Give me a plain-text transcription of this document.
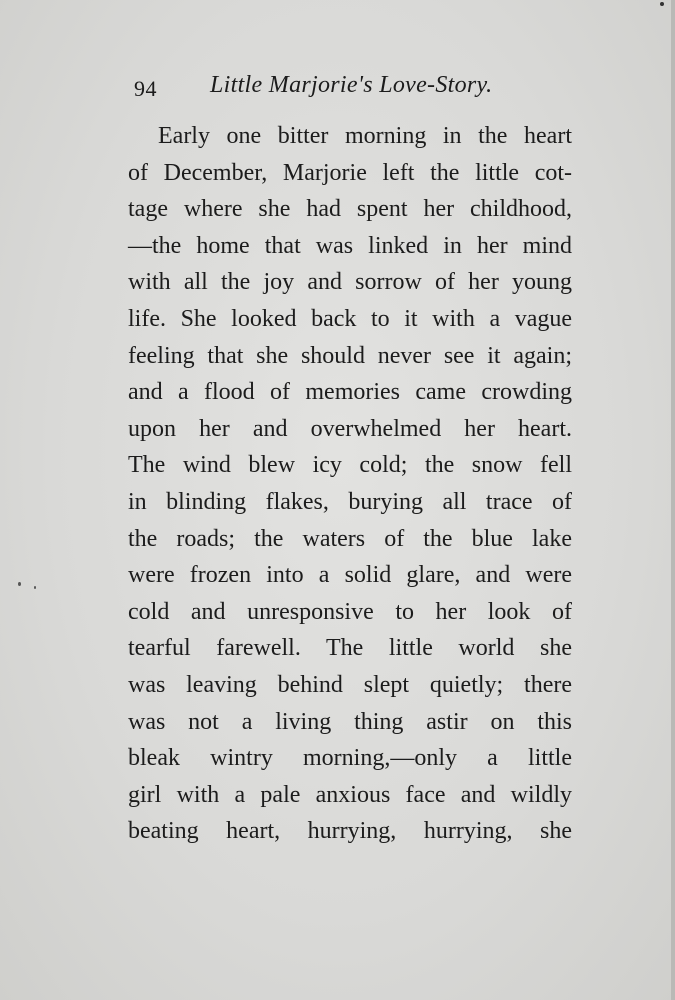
94 Little Marjorie's Love-Story.
Early one bitter morning in the heart
of December, Marjorie left the little cot-
tage where she had spent her childhood,
—the home that was linked in her mind
with all the joy and sorrow of her young
life. She looked back to it with a vague
feeling that she should never see it again;
and a flood of memories came crowding
upon her and overwhelmed her heart.
The wind blew icy cold; the snow fell
in blinding flakes, burying all trace of
the roads; the waters of the blue lake
were frozen into a solid glare, and were
cold and unresponsive to her look of
tearful farewell. The little world she
was leaving behind slept quietly; there
was not a living thing astir on this
bleak wintry morning,—only a little
girl with a pale anxious face and wildly
beating heart, hurrying, hurrying, she
